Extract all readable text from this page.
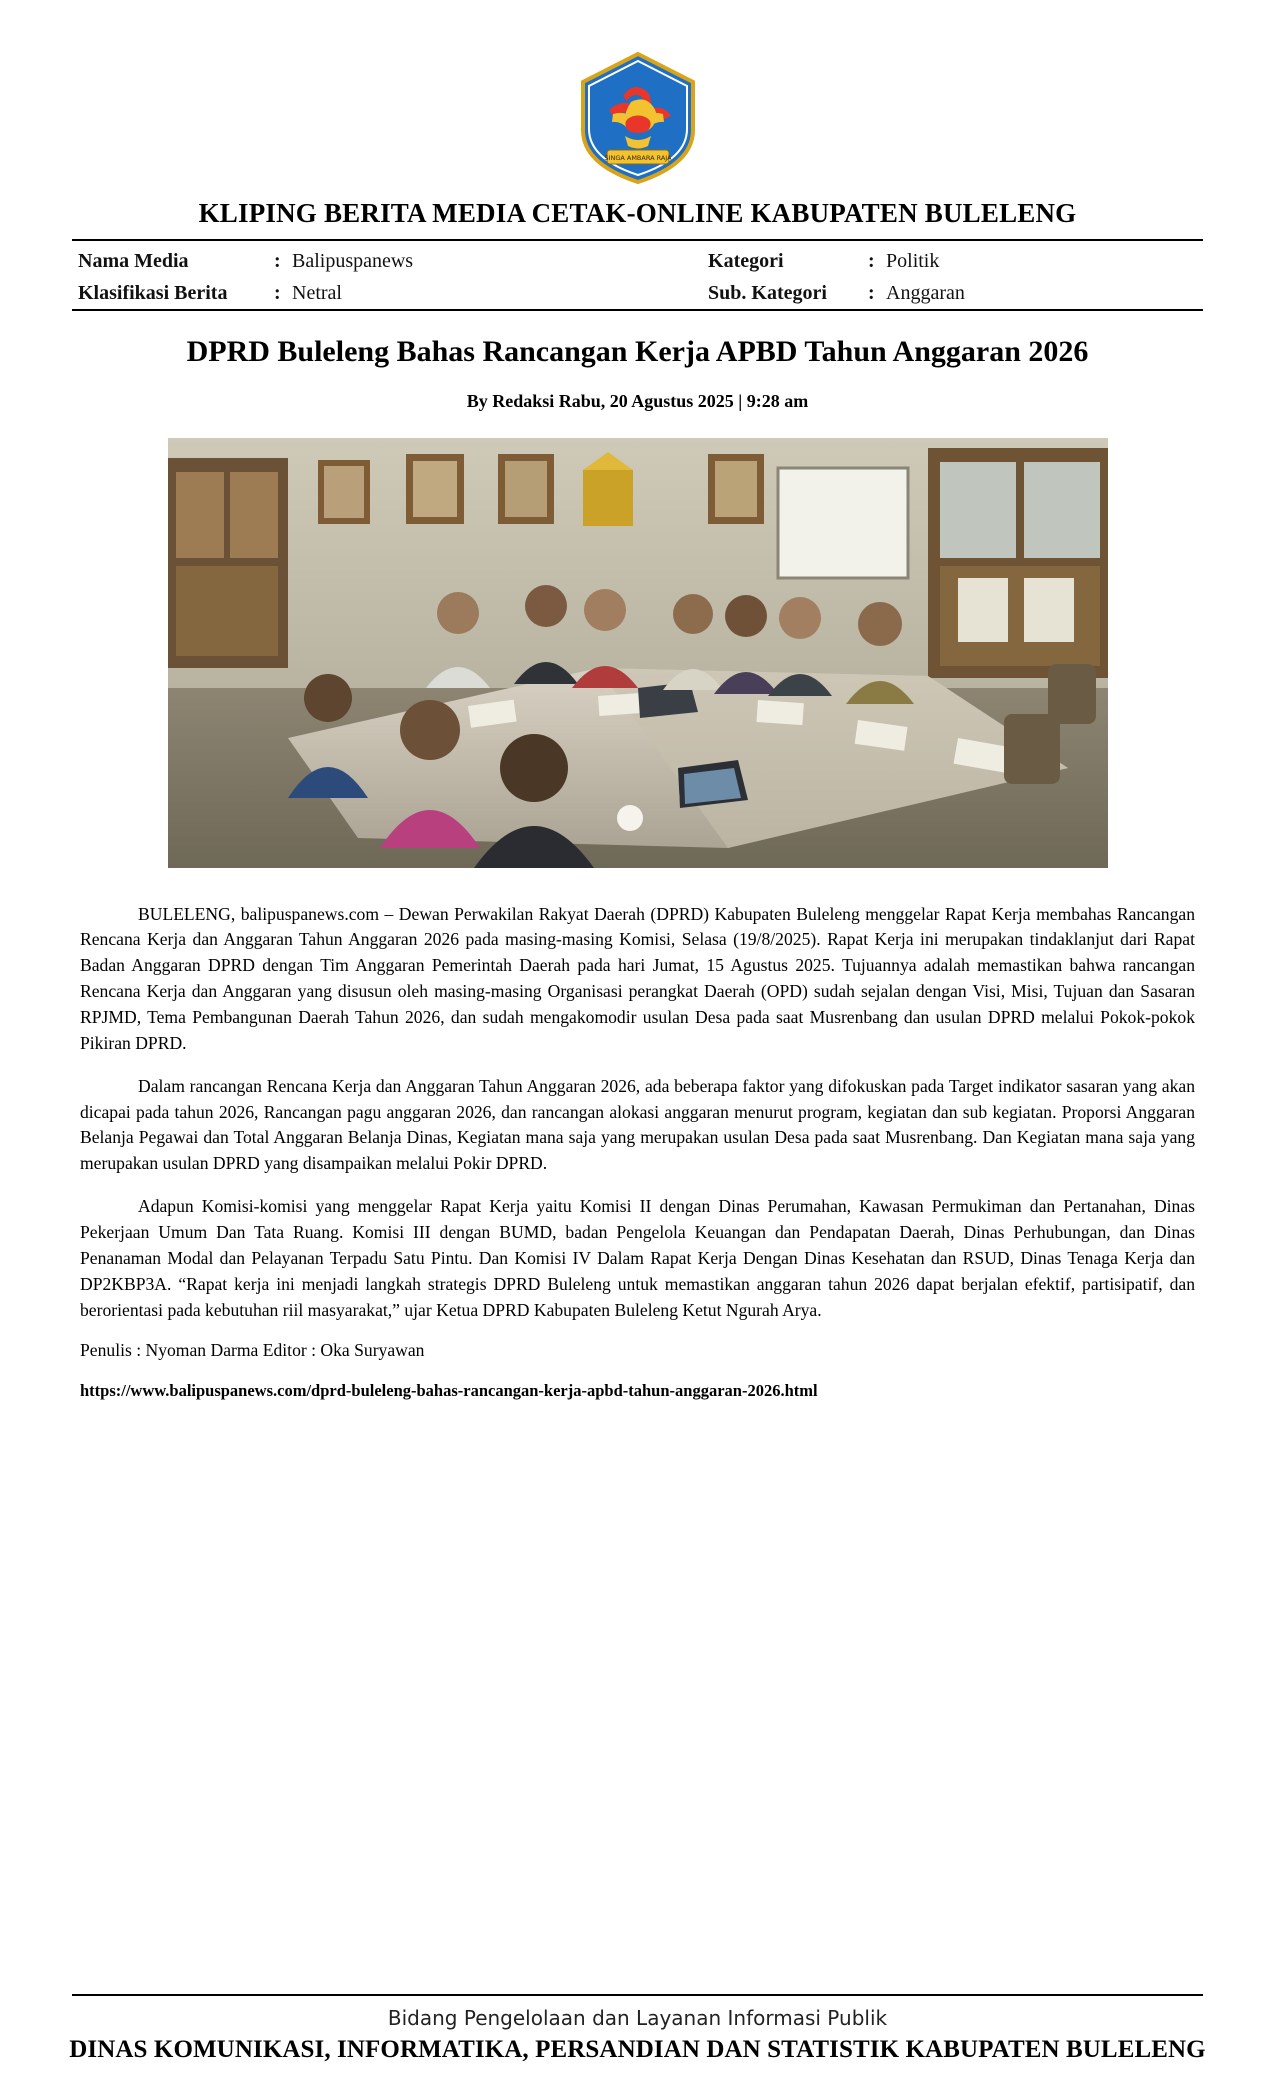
SINGA AMBARA RAJA
KLIPING BERITA MEDIA CETAK-ONLINE KABUPATEN BULELENG
Nama Media	: Balipuspanews
Klasifikasi Berita	: Netral
Kategori	: Politik
Sub. Kategori	: Anggaran
DPRD Buleleng Bahas Rancangan Kerja APBD Tahun Anggaran 2026
By Redaksi Rabu, 20 Agustus 2025 | 9:28 am

BULELENG, balipuspanews.com – Dewan Perwakilan Rakyat Daerah (DPRD) Kabupaten Buleleng menggelar Rapat Kerja membahas Rancangan Rencana Kerja dan Anggaran Tahun Anggaran 2026 pada masing-masing Komisi, Selasa (19/8/2025). Rapat Kerja ini merupakan tindaklanjut dari Rapat Badan Anggaran DPRD dengan Tim Anggaran Pemerintah Daerah pada hari Jumat, 15 Agustus 2025. Tujuannya adalah memastikan bahwa rancangan Rencana Kerja dan Anggaran yang disusun oleh masing-masing Organisasi perangkat Daerah (OPD) sudah sejalan dengan Visi, Misi, Tujuan dan Sasaran RPJMD, Tema Pembangunan Daerah Tahun 2026, dan sudah mengakomodir usulan Desa pada saat Musrenbang dan usulan DPRD melalui Pokok-pokok Pikiran DPRD.

Dalam rancangan Rencana Kerja dan Anggaran Tahun Anggaran 2026, ada beberapa faktor yang difokuskan pada Target indikator sasaran yang akan dicapai pada tahun 2026, Rancangan pagu anggaran 2026, dan rancangan alokasi anggaran menurut program, kegiatan dan sub kegiatan. Proporsi Anggaran Belanja Pegawai dan Total Anggaran Belanja Dinas, Kegiatan mana saja yang merupakan usulan Desa pada saat Musrenbang. Dan Kegiatan mana saja yang merupakan usulan DPRD yang disampaikan melalui Pokir DPRD.

Adapun Komisi-komisi yang menggelar Rapat Kerja yaitu Komisi II dengan Dinas Perumahan, Kawasan Permukiman dan Pertanahan, Dinas Pekerjaan Umum Dan Tata Ruang. Komisi III dengan BUMD, badan Pengelola Keuangan dan Pendapatan Daerah, Dinas Perhubungan, dan Dinas Penanaman Modal dan Pelayanan Terpadu Satu Pintu. Dan Komisi IV Dalam Rapat Kerja Dengan Dinas Kesehatan dan RSUD, Dinas Tenaga Kerja dan DP2KBP3A. “Rapat kerja ini menjadi langkah strategis DPRD Buleleng untuk memastikan anggaran tahun 2026 dapat berjalan efektif, partisipatif, dan berorientasi pada kebutuhan riil masyarakat,” ujar Ketua DPRD Kabupaten Buleleng Ketut Ngurah Arya.

Penulis : Nyoman Darma Editor : Oka Suryawan
https://www.balipuspanews.com/dprd-buleleng-bahas-rancangan-kerja-apbd-tahun-anggaran-2026.html
Bidang Pengelolaan dan Layanan Informasi Publik
DINAS KOMUNIKASI, INFORMATIKA, PERSANDIAN DAN STATISTIK KABUPATEN BULELENG
